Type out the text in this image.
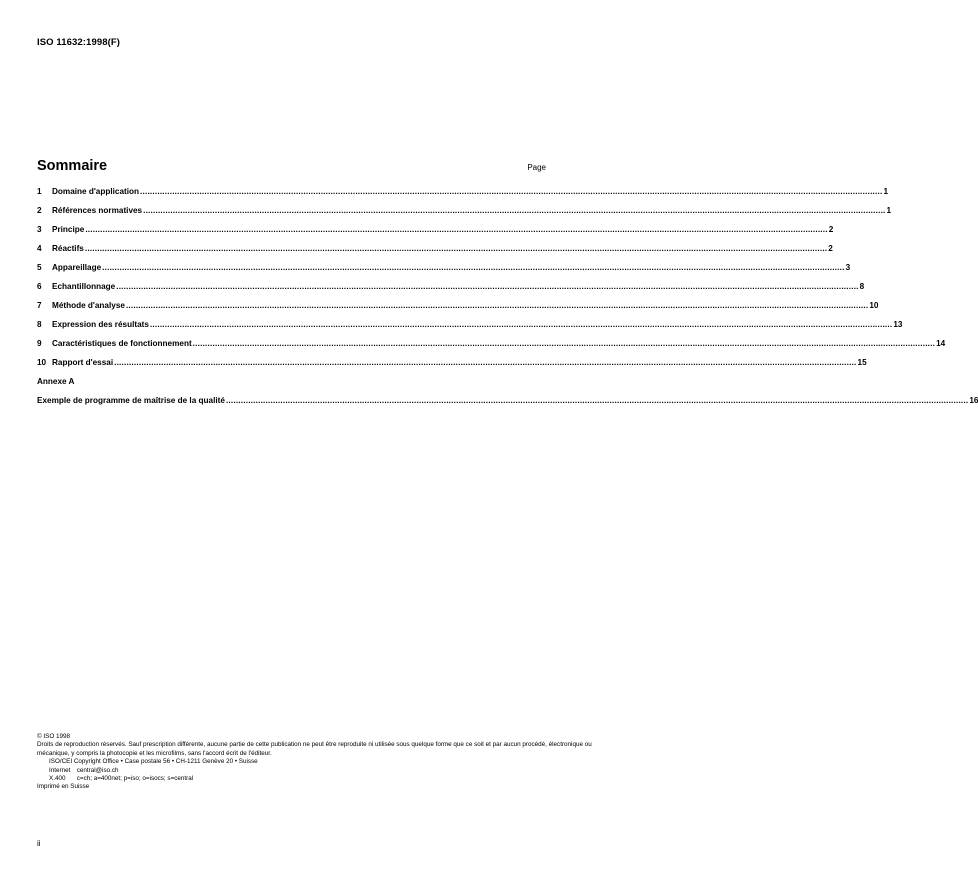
ISO 11632:1998(F)
Sommaire	Page
1	Domaine d'application ............................................................................................................................................................................................................................................................................................................ 1
2	Références normatives ............................................................................................................................................................................................................................................................................................................ 1
3	Principe ............................................................................................................................................................................................................................................................................................................ 2
4	Réactifs ............................................................................................................................................................................................................................................................................................................ 2
5	Appareillage ............................................................................................................................................................................................................................................................................................................ 3
6	Echantillonnage ............................................................................................................................................................................................................................................................................................................ 8
7	Méthode d'analyse ............................................................................................................................................................................................................................................................................................................ 10
8	Expression des résultats ............................................................................................................................................................................................................................................................................................................ 13
9	Caractéristiques de fonctionnement ............................................................................................................................................................................................................................................................................................................ 14
10 Rapport d'essai ............................................................................................................................................................................................................................................................................................................ 15
Annexe A
Exemple de programme de maîtrise de la qualité ............................................................................................................................................................................................................................................................................................................ 16

© ISO 1998

Droits de reproduction réservés. Sauf prescription différente, aucune partie de cette publication ne peut être reproduite ni utilisée sous quelque forme que ce soit et par aucun procédé, électronique ou mécanique, y compris la photocopie et les microfilms, sans l'accord écrit de l'éditeur.

ISO/CEI Copyright Office • Case postale 56 • CH-1211 Genève 20 • Suisse

Internet central@iso.ch

X.400 c=ch; a=400net; p=iso; o=isocs; s=central

Imprimé en Suisse

ii
